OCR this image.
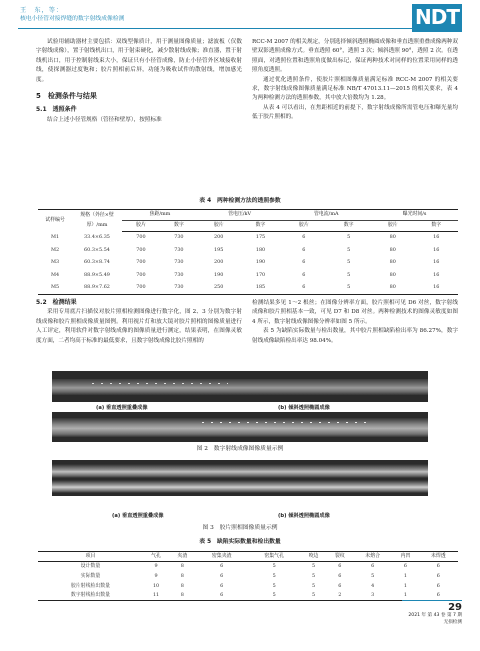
王　东，等：
核电小径管对接焊缝的数字射线成像检测	NDT

试验用辅助器材主要包括：双线型像质计，用于测量图像质量；滤波板（仅数字射线成像），置于射线机出口，用于射束硬化，减少散射线成像；准直器，置于射线机出口，用于控制射线束大小，保证只有小径管成像，防止小径管外区域接收射线，使探测器过度饱和；胶片照相前后屏，功能为吸收试件的散射线，增加感光度。

5　检测条件与结果
5.1　透照条件

结合上述小径管规格（管径和壁厚），按照标准

RCC-M 2007 的相关规定，分别选择倾斜透照椭圆成像和垂直透照重叠成像两种双壁双影透照成像方式。垂直透照 60°，透照 3 次；倾斜透照 90°，透照 2 次。在透照面，对透照位置和透照角度做出标记，保证两种技术对同样的位置采用同样的透照角度透照。

通过优化透照条件，使胶片照相图像质量满足标准 RCC-M 2007 的相关要求，数字射线成像图像质量满足标准 NB/T 47013.11—2015 的相关要求，表 4 为两种检测方法的透照参数，其中放大倍数均为 1.28。

从表 4 可以看出，在焦距相近的前提下，数字射线成像所需管电压和曝光量均低于胶片照相的。

表 4　 两种检测方法的透照参数
试样编号	规格（外径×壁厚）/mm	焦距/mm		管电压/kV		管电流/mA		曝光时间/s	
		胶片	数字	胶片	数字	胶片	数字	胶片	数字
M1	33.4×6.35	700	730	200	175	6	5	80	16
M2	60.3×5.54	700	730	195	180	6	5	80	16
M3	60.3×8.74	700	730	200	190	6	5	80	16
M4	88.9×5.49	700	730	190	170	6	5	80	16
M5	88.9×7.62	700	730	250	185	6	5	80	16
5.2　检测结果

采用专用底片扫描仪对胶片照相检测图像进行数字化，图 2、3 分别为数字射线成像和胶片照相成像质量图例。利用视片灯和放大镜对胶片照相的图像质量进行人工评定，利用软件对数字射线成像的图像质量进行测定，结果表明，在图像灵敏度方面，二者均高于标准的最低要求，且数字射线成像比胶片照相的

检测结果多见 1～2 根丝；在图像分辨率方面，胶片照相可见 D6 对丝，数字射线成像和胶片照相基本一致，可见 D7 和 D8 对丝。两种检测技术的图像灵敏度如图 4 所示，数字射线成像图像分辨率如图 5 所示。

表 5 为缺陷实际数量与检出数量，其中胶片照相缺陷检出率为 86.27%，数字射线成像缺陷检出率达 98.04%。

(a) 垂直透照重叠成像	(b) 倾斜透照椭圆成像
图 2　数字射线成像图像质量示例
(a) 垂直透照重叠成像	(b) 倾斜透照椭圆成像
图 3　胶片照相图像质量示例
表 5　 缺陷实际数量和检出数量
项目	气孔	夹渣	密集夹渣	密集气孔	咬边	裂纹	未熔合	内凹	未焊透
设计数量	9	8	6	5	5	6	6	6	6
实际数量	9	8	6	5	5	6	5	1	6
胶片射线检出数量	10	8	6	5	5	6	4	1	6
数字射线检出数量	11	8	6	5	5	2	3	1	6
29
2021 年 第 43 卷 第 7 期
无损检测
